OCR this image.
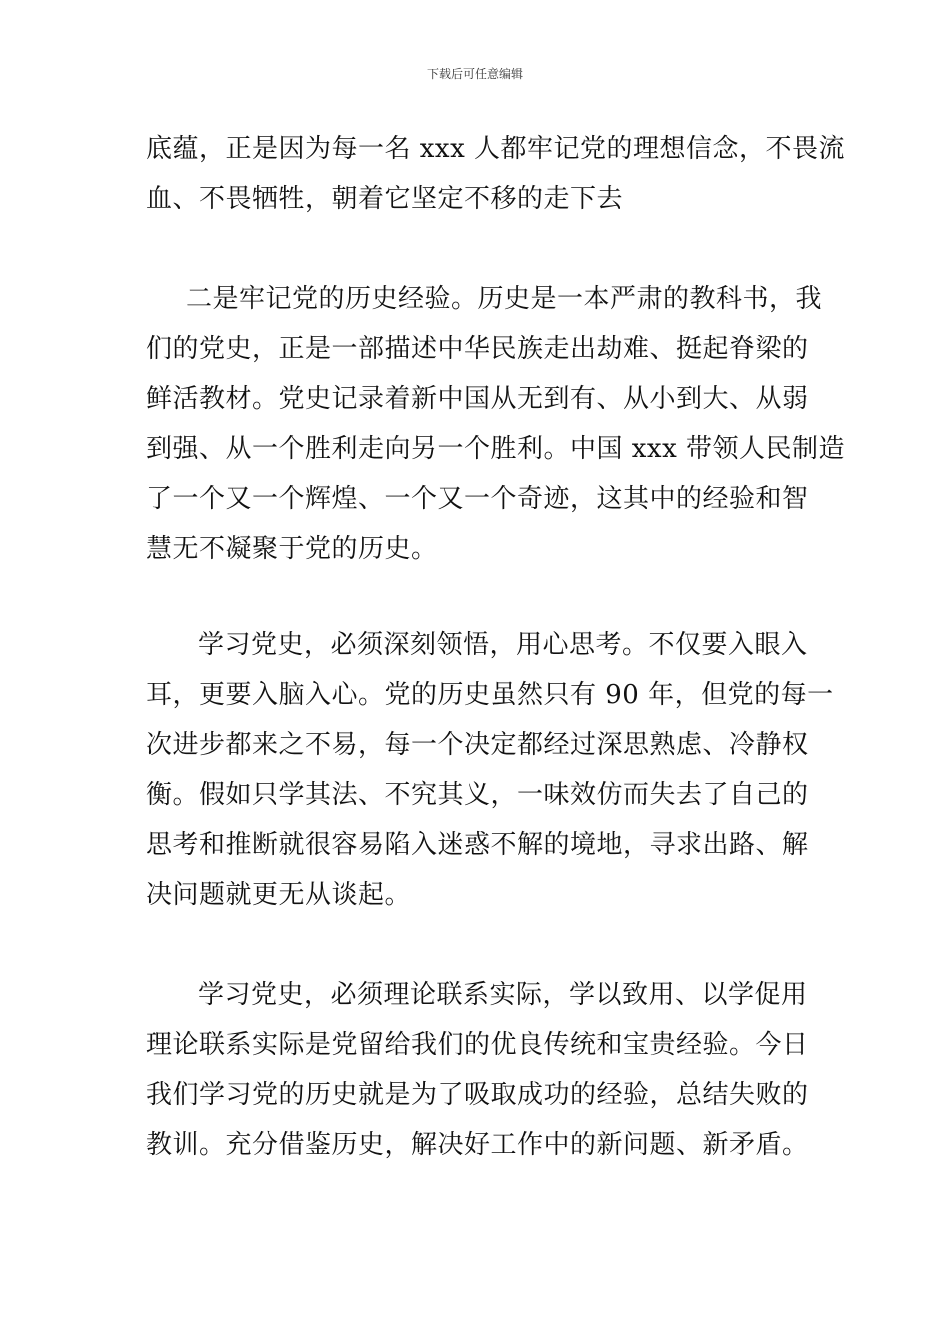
下载后可任意编辑
底蕴，正是因为每一名 xxx 人都牢记党的理想信念，不畏流
血、不畏牺牲，朝着它坚定不移的走下去
二是牢记党的历史经验。历史是一本严肃的教科书，我
们的党史，正是一部描述中华民族走出劫难、挺起脊梁的
鲜活教材。党史记录着新中国从无到有、从小到大、从弱
到强、从一个胜利走向另一个胜利。中国 xxx 带领人民制造
了一个又一个辉煌、一个又一个奇迹，这其中的经验和智
慧无不凝聚于党的历史。
学习党史，必须深刻领悟，用心思考。不仅要入眼入
耳，更要入脑入心。党的历史虽然只有 90 年，但党的每一
次进步都来之不易，每一个决定都经过深思熟虑、冷静权
衡。假如只学其法、不究其义，一味效仿而失去了自己的
思考和推断就很容易陷入迷惑不解的境地，寻求出路、解
决问题就更无从谈起。
学习党史，必须理论联系实际，学以致用、以学促用
理论联系实际是党留给我们的优良传统和宝贵经验。今日
我们学习党的历史就是为了吸取成功的经验，总结失败的
教训。充分借鉴历史，解决好工作中的新问题、新矛盾。
